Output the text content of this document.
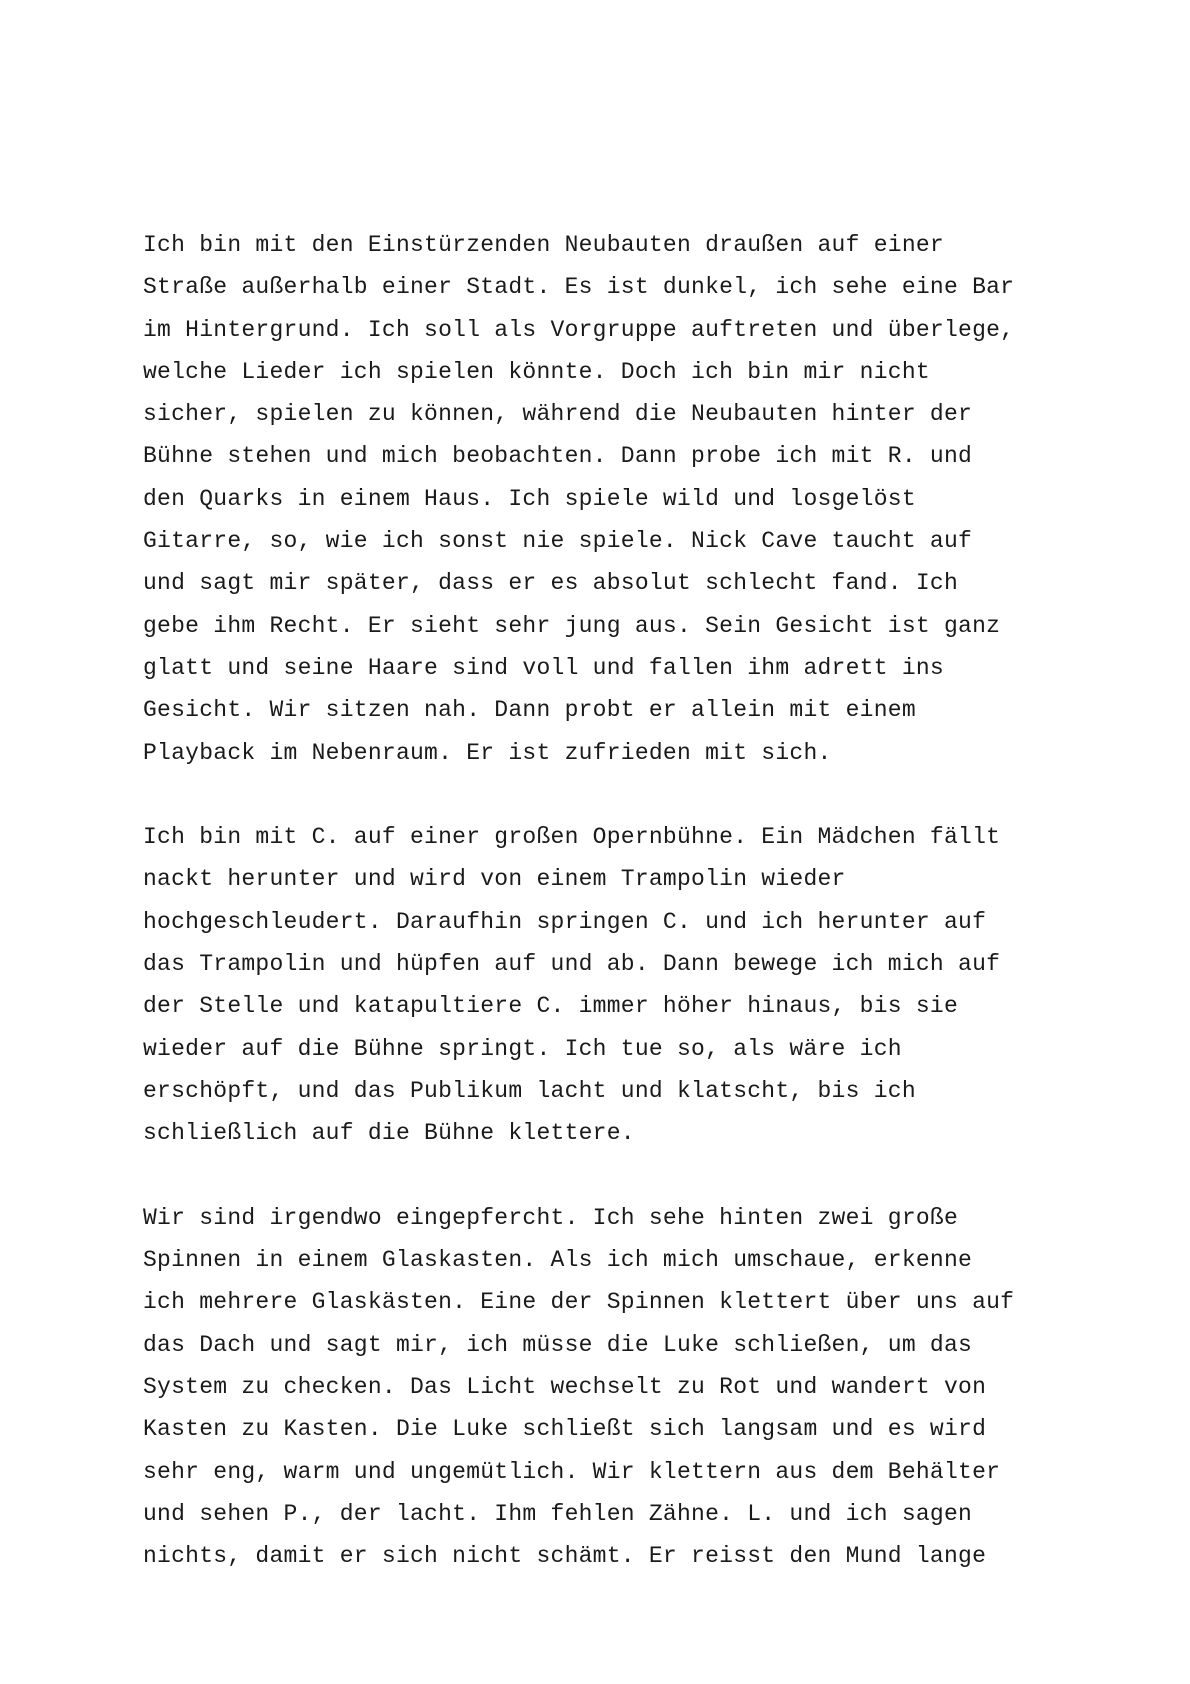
Ich bin mit den Einstürzenden Neubauten draußen auf einer
Straße außerhalb einer Stadt. Es ist dunkel, ich sehe eine Bar
im Hintergrund. Ich soll als Vorgruppe auftreten und überlege,
welche Lieder ich spielen könnte. Doch ich bin mir nicht
sicher, spielen zu können, während die Neubauten hinter der
Bühne stehen und mich beobachten. Dann probe ich mit R. und
den Quarks in einem Haus. Ich spiele wild und losgelöst
Gitarre, so, wie ich sonst nie spiele. Nick Cave taucht auf
und sagt mir später, dass er es absolut schlecht fand. Ich
gebe ihm Recht. Er sieht sehr jung aus. Sein Gesicht ist ganz
glatt und seine Haare sind voll und fallen ihm adrett ins
Gesicht. Wir sitzen nah. Dann probt er allein mit einem
Playback im Nebenraum. Er ist zufrieden mit sich.
Ich bin mit C. auf einer großen Opernbühne. Ein Mädchen fällt
nackt herunter und wird von einem Trampolin wieder
hochgeschleudert. Daraufhin springen C. und ich herunter auf
das Trampolin und hüpfen auf und ab. Dann bewege ich mich auf
der Stelle und katapultiere C. immer höher hinaus, bis sie
wieder auf die Bühne springt. Ich tue so, als wäre ich
erschöpft, und das Publikum lacht und klatscht, bis ich
schließlich auf die Bühne klettere.
Wir sind irgendwo eingepfercht. Ich sehe hinten zwei große
Spinnen in einem Glaskasten. Als ich mich umschaue, erkenne
ich mehrere Glaskästen. Eine der Spinnen klettert über uns auf
das Dach und sagt mir, ich müsse die Luke schließen, um das
System zu checken. Das Licht wechselt zu Rot und wandert von
Kasten zu Kasten. Die Luke schließt sich langsam und es wird
sehr eng, warm und ungemütlich. Wir klettern aus dem Behälter
und sehen P., der lacht. Ihm fehlen Zähne. L. und ich sagen
nichts, damit er sich nicht schämt. Er reisst den Mund lange
